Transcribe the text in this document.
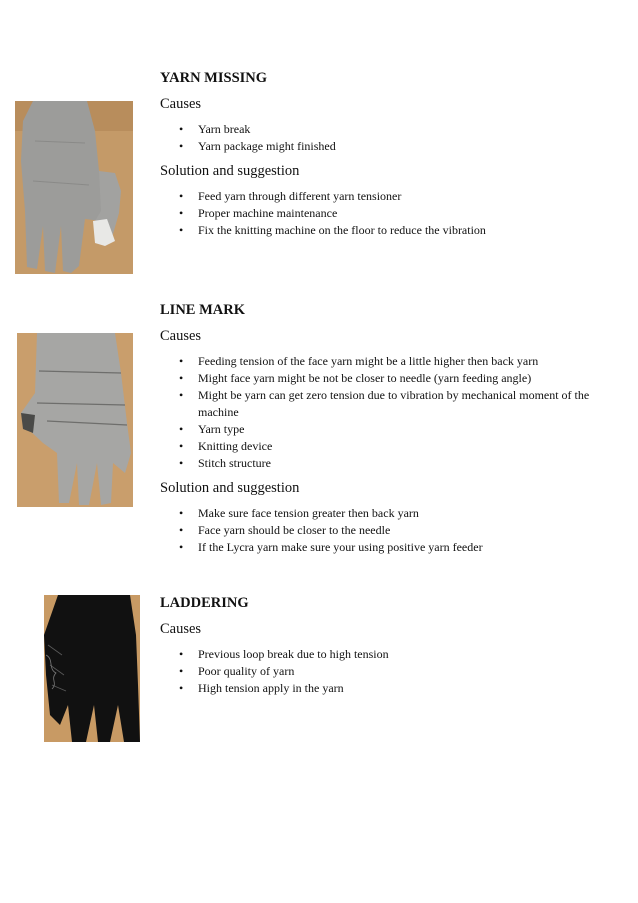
YARN MISSING

Causes

• Yarn break
• Yarn package might finished

Solution and suggestion

• Feed yarn through different yarn tensioner
• Proper machine maintenance
• Fix the knitting machine on the floor to reduce the vibration

LINE MARK

Causes

• Feeding tension of the face yarn might be a little higher then back yarn
• Might face yarn might be not be closer to needle (yarn feeding angle)
• Might be yarn can get zero tension due to vibration by mechanical moment of the machine
• Yarn type
• Knitting device
• Stitch structure

Solution and suggestion

• Make sure face tension greater then back yarn
• Face yarn should be closer to the needle
• If the Lycra yarn make sure your using positive yarn feeder

LADDERING

Causes

• Previous loop break due to high tension
• Poor quality of yarn
• High tension apply in the yarn
